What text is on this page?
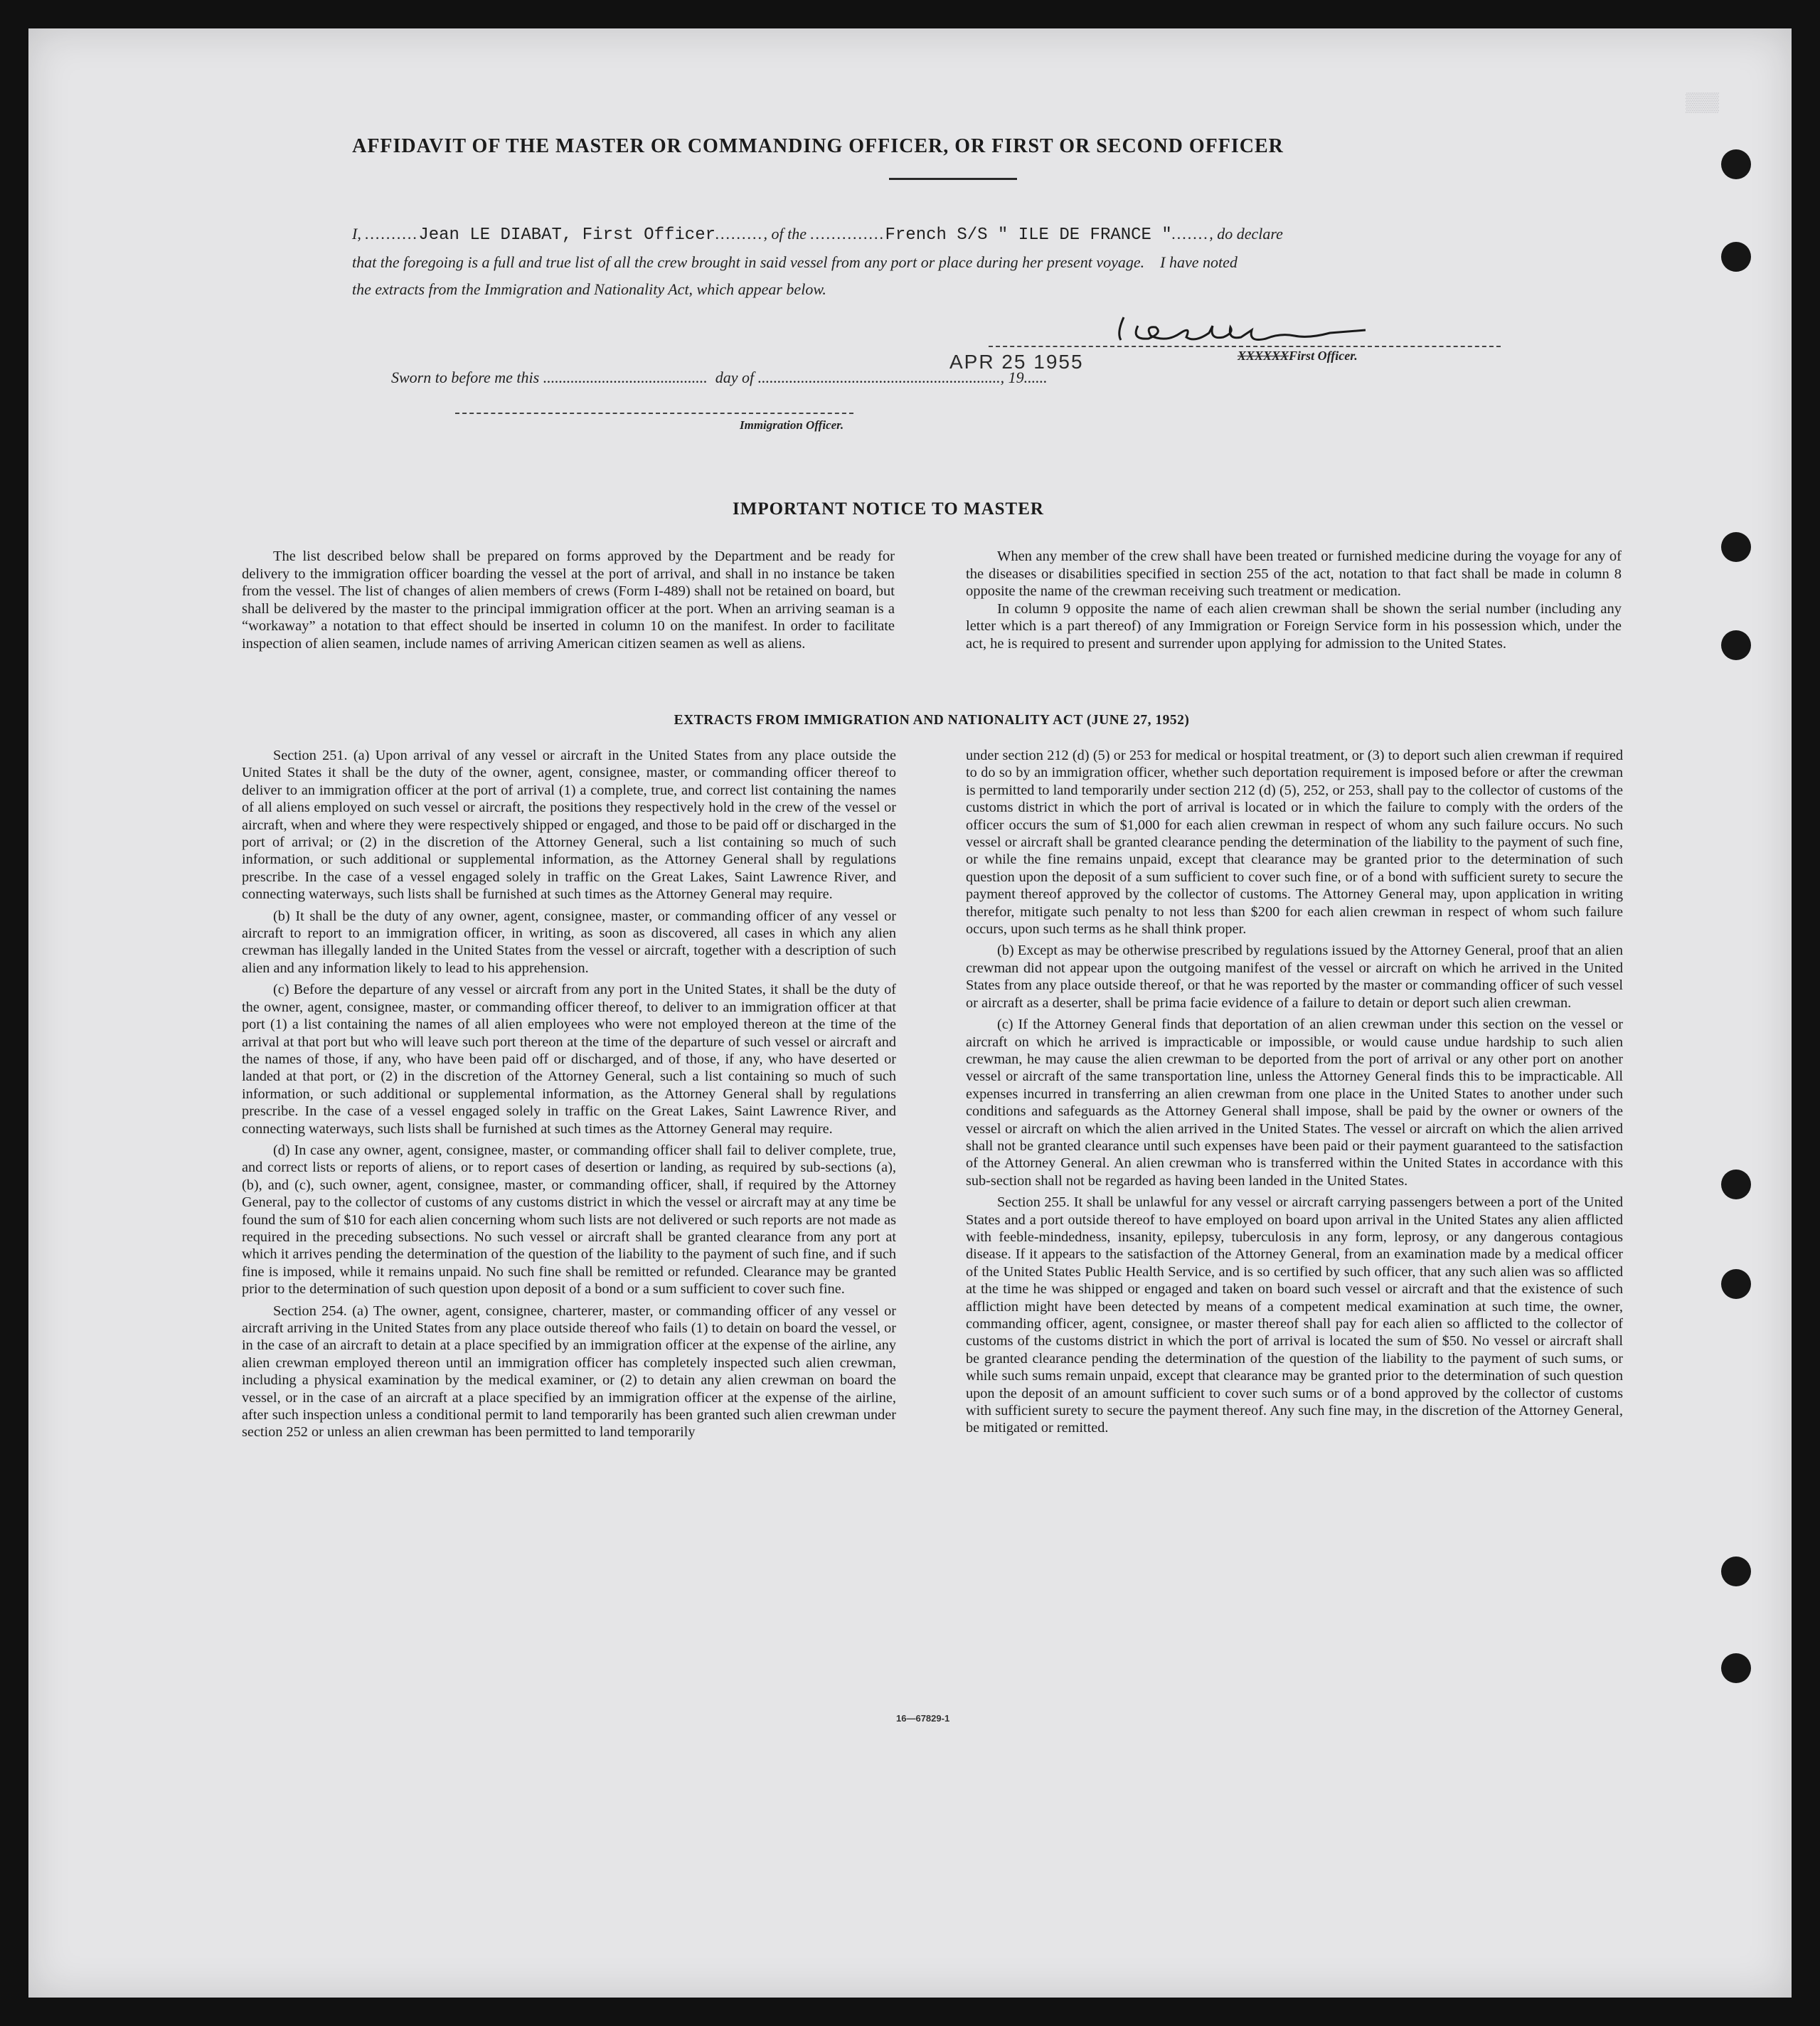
▒▒▒
AFFIDAVIT OF THE MASTER OR COMMANDING OFFICER, OR FIRST OR SECOND OFFICER
I, ..........Jean LE DIABAT, First Officer........., of the ..............French S/S " ILE DE FRANCE "......., do declare
that the foregoing is a full and true list of all the crew brought in said vessel from any port or place during her present voyage.    I have noted
the extracts from the Immigration and Nationality Act, which appear below.
XXXXXXFirst Officer.
APR 25 1955
Sworn to before me this ..........................................  day of .............................................................., 19......
Immigration Officer.
IMPORTANT NOTICE TO MASTER

The list described below shall be prepared on forms approved by the Department and be ready for delivery to the immigration officer boarding the vessel at the port of arrival, and shall in no instance be taken from the vessel. The list of changes of alien members of crews (Form I-489) shall not be retained on board, but shall be delivered by the master to the principal immigration officer at the port. When an arriving seaman is a “workaway” a notation to that effect should be inserted in column 10 on the manifest. In order to facilitate inspection of alien seamen, include names of arriving American citizen seamen as well as aliens.

When any member of the crew shall have been treated or furnished medicine during the voyage for any of the diseases or disabilities specified in section 255 of the act, notation to that fact shall be made in column 8 opposite the name of the crewman receiving such treatment or medication.

In column 9 opposite the name of each alien crewman shall be shown the serial number (including any letter which is a part thereof) of any Immigration or Foreign Service form in his possession which, under the act, he is required to present and surrender upon applying for admission to the United States.

EXTRACTS FROM IMMIGRATION AND NATIONALITY ACT (JUNE 27, 1952)

Section 251. (a) Upon arrival of any vessel or aircraft in the United States from any place outside the United States it shall be the duty of the owner, agent, consignee, master, or commanding officer thereof to deliver to an immigration officer at the port of arrival (1) a complete, true, and correct list containing the names of all aliens employed on such vessel or aircraft, the positions they respectively hold in the crew of the vessel or aircraft, when and where they were respectively shipped or engaged, and those to be paid off or discharged in the port of arrival; or (2) in the discretion of the Attorney General, such a list containing so much of such information, or such additional or supplemental information, as the Attorney General shall by regulations prescribe. In the case of a vessel engaged solely in traffic on the Great Lakes, Saint Lawrence River, and connecting waterways, such lists shall be furnished at such times as the Attorney General may require.

(b) It shall be the duty of any owner, agent, consignee, master, or commanding officer of any vessel or aircraft to report to an immigration officer, in writing, as soon as discovered, all cases in which any alien crewman has illegally landed in the United States from the vessel or aircraft, together with a description of such alien and any information likely to lead to his apprehension.

(c) Before the departure of any vessel or aircraft from any port in the United States, it shall be the duty of the owner, agent, consignee, master, or commanding officer thereof, to deliver to an immigration officer at that port (1) a list containing the names of all alien employees who were not employed thereon at the time of the arrival at that port but who will leave such port thereon at the time of the departure of such vessel or aircraft and the names of those, if any, who have been paid off or discharged, and of those, if any, who have deserted or landed at that port, or (2) in the discretion of the Attorney General, such a list containing so much of such information, or such additional or supplemental information, as the Attorney General shall by regulations prescribe. In the case of a vessel engaged solely in traffic on the Great Lakes, Saint Lawrence River, and connecting waterways, such lists shall be furnished at such times as the Attorney General may require.

(d) In case any owner, agent, consignee, master, or commanding officer shall fail to deliver complete, true, and correct lists or reports of aliens, or to report cases of desertion or landing, as required by sub-sections (a), (b), and (c), such owner, agent, consignee, master, or commanding officer, shall, if required by the Attorney General, pay to the collector of customs of any customs district in which the vessel or aircraft may at any time be found the sum of $10 for each alien concerning whom such lists are not delivered or such reports are not made as required in the preceding subsections. No such vessel or aircraft shall be granted clearance from any port at which it arrives pending the determination of the question of the liability to the payment of such fine, and if such fine is imposed, while it remains unpaid. No such fine shall be remitted or refunded. Clearance may be granted prior to the determination of such question upon deposit of a bond or a sum sufficient to cover such fine.

Section 254. (a) The owner, agent, consignee, charterer, master, or commanding officer of any vessel or aircraft arriving in the United States from any place outside thereof who fails (1) to detain on board the vessel, or in the case of an aircraft to detain at a place specified by an immigration officer at the expense of the airline, any alien crewman employed thereon until an immigration officer has completely inspected such alien crewman, including a physical examination by the medical examiner, or (2) to detain any alien crewman on board the vessel, or in the case of an aircraft at a place specified by an immigration officer at the expense of the airline, after such inspection unless a conditional permit to land temporarily has been granted such alien crewman under section 252 or unless an alien crewman has been permitted to land temporarily

under section 212 (d) (5) or 253 for medical or hospital treatment, or (3) to deport such alien crewman if required to do so by an immigration officer, whether such deportation requirement is imposed before or after the crewman is permitted to land temporarily under section 212 (d) (5), 252, or 253, shall pay to the collector of customs of the customs district in which the port of arrival is located or in which the failure to comply with the orders of the officer occurs the sum of $1,000 for each alien crewman in respect of whom any such failure occurs. No such vessel or aircraft shall be granted clearance pending the determination of the liability to the payment of such fine, or while the fine remains unpaid, except that clearance may be granted prior to the determination of such question upon the deposit of a sum sufficient to cover such fine, or of a bond with sufficient surety to secure the payment thereof approved by the collector of customs. The Attorney General may, upon application in writing therefor, mitigate such penalty to not less than $200 for each alien crewman in respect of whom such failure occurs, upon such terms as he shall think proper.

(b) Except as may be otherwise prescribed by regulations issued by the Attorney General, proof that an alien crewman did not appear upon the outgoing manifest of the vessel or aircraft on which he arrived in the United States from any place outside thereof, or that he was reported by the master or commanding officer of such vessel or aircraft as a deserter, shall be prima facie evidence of a failure to detain or deport such alien crewman.

(c) If the Attorney General finds that deportation of an alien crewman under this section on the vessel or aircraft on which he arrived is impracticable or impossible, or would cause undue hardship to such alien crewman, he may cause the alien crewman to be deported from the port of arrival or any other port on another vessel or aircraft of the same transportation line, unless the Attorney General finds this to be impracticable. All expenses incurred in transferring an alien crewman from one place in the United States to another under such conditions and safeguards as the Attorney General shall impose, shall be paid by the owner or owners of the vessel or aircraft on which the alien arrived in the United States. The vessel or aircraft on which the alien arrived shall not be granted clearance until such expenses have been paid or their payment guaranteed to the satisfaction of the Attorney General. An alien crewman who is transferred within the United States in accordance with this sub-section shall not be regarded as having been landed in the United States.

Section 255. It shall be unlawful for any vessel or aircraft carrying passengers between a port of the United States and a port outside thereof to have employed on board upon arrival in the United States any alien afflicted with feeble-mindedness, insanity, epilepsy, tuberculosis in any form, leprosy, or any dangerous contagious disease. If it appears to the satisfaction of the Attorney General, from an examination made by a medical officer of the United States Public Health Service, and is so certified by such officer, that any such alien was so afflicted at the time he was shipped or engaged and taken on board such vessel or aircraft and that the existence of such affliction might have been detected by means of a competent medical examination at such time, the owner, commanding officer, agent, consignee, or master thereof shall pay for each alien so afflicted to the collector of customs of the customs district in which the port of arrival is located the sum of $50. No vessel or aircraft shall be granted clearance pending the determination of the question of the liability to the payment of such sums, or while such sums remain unpaid, except that clearance may be granted prior to the determination of such question upon the deposit of an amount sufficient to cover such sums or of a bond approved by the collector of customs with sufficient surety to secure the payment thereof. Any such fine may, in the discretion of the Attorney General, be mitigated or remitted.

16—67829-1
